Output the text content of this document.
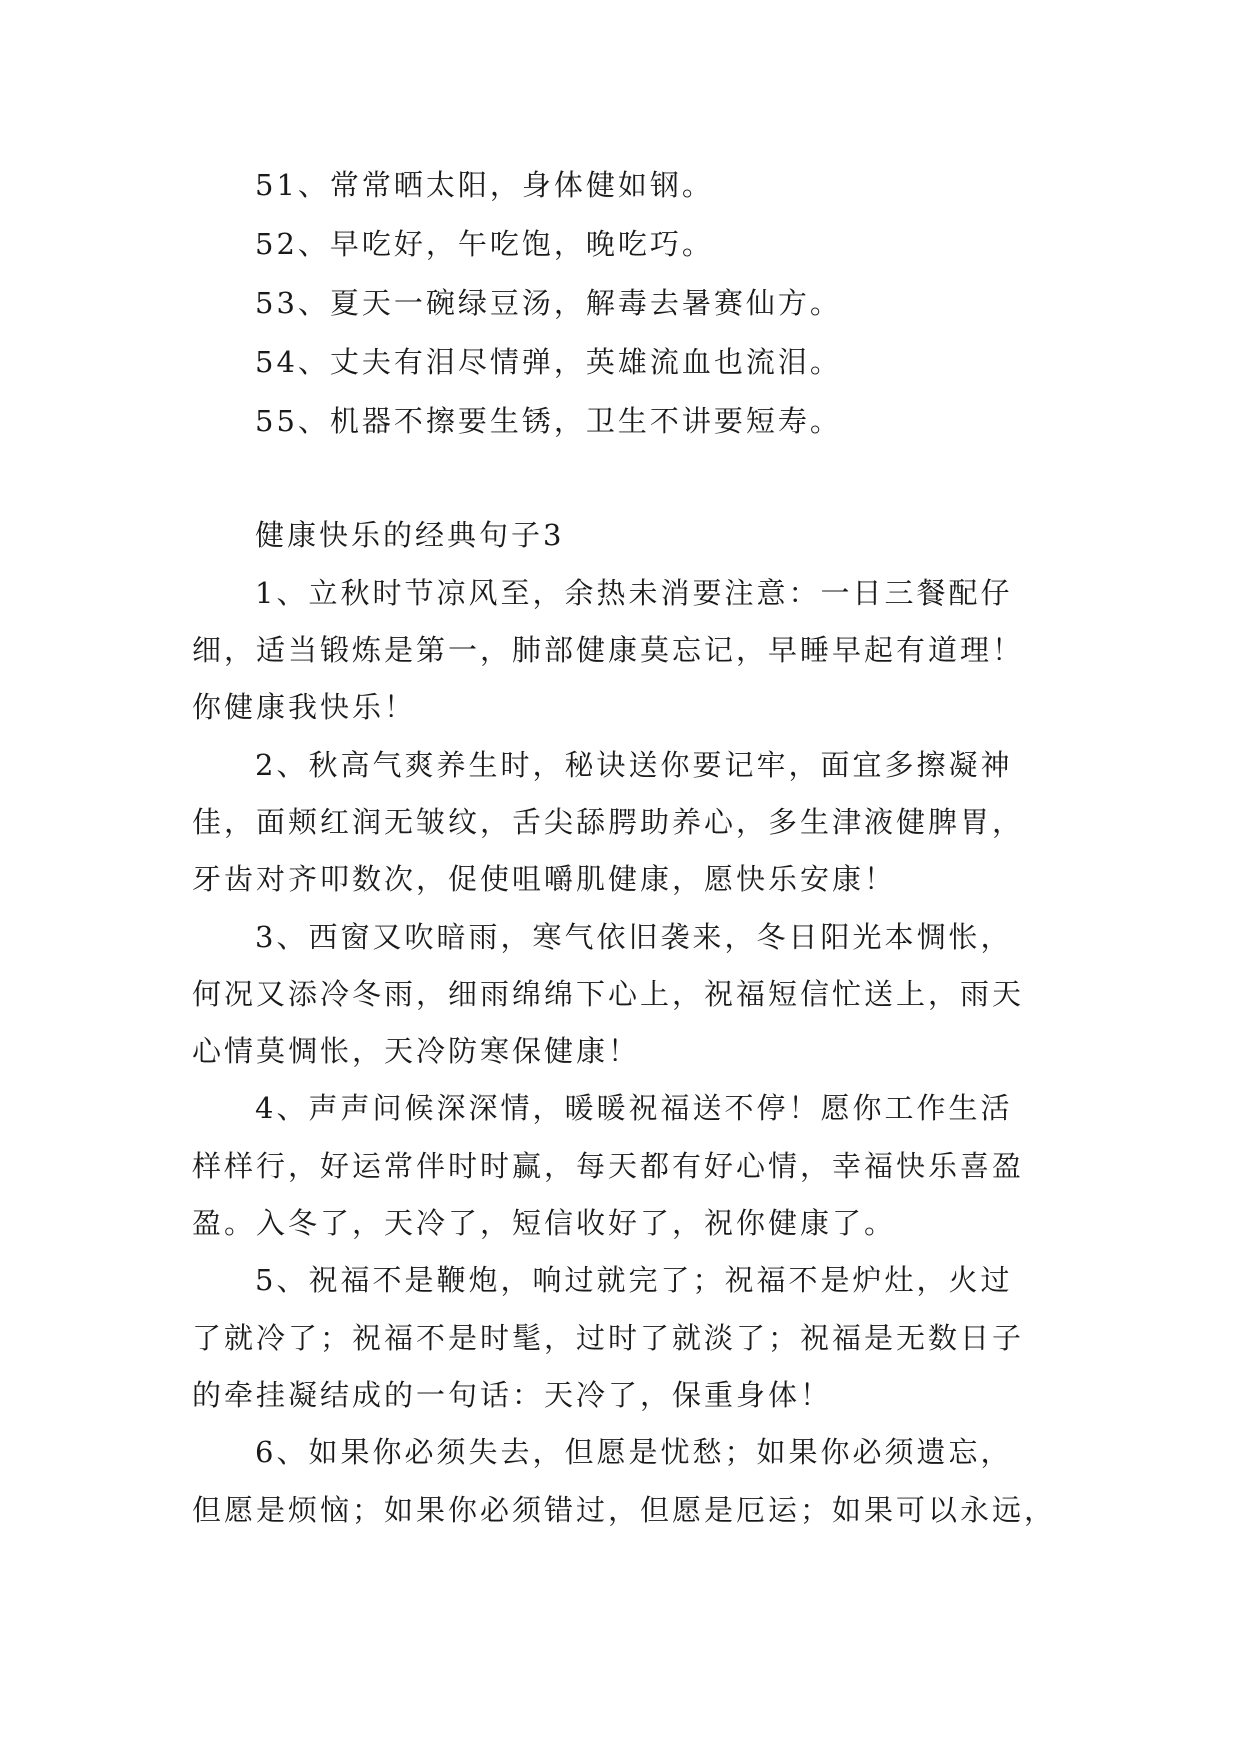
51、常常晒太阳，身体健如钢。
52、早吃好，午吃饱，晚吃巧。
53、夏天一碗绿豆汤，解毒去暑赛仙方。
54、丈夫有泪尽情弹，英雄流血也流泪。
55、机器不擦要生锈，卫生不讲要短寿。
健康快乐的经典句子3
1、立秋时节凉风至，余热未消要注意：一日三餐配仔
细，适当锻炼是第一，肺部健康莫忘记，早睡早起有道理！
你健康我快乐！
2、秋高气爽养生时，秘诀送你要记牢，面宜多擦凝神
佳，面颊红润无皱纹，舌尖舔腭助养心，多生津液健脾胃，
牙齿对齐叩数次，促使咀嚼肌健康，愿快乐安康！
3、西窗又吹暗雨，寒气依旧袭来，冬日阳光本惆怅，
何况又添冷冬雨，细雨绵绵下心上，祝福短信忙送上，雨天
心情莫惆怅，天冷防寒保健康！
4、声声问候深深情，暖暖祝福送不停！愿你工作生活
样样行，好运常伴时时赢，每天都有好心情，幸福快乐喜盈
盈。入冬了，天冷了，短信收好了，祝你健康了。
5、祝福不是鞭炮，响过就完了；祝福不是炉灶，火过
了就冷了；祝福不是时髦，过时了就淡了；祝福是无数日子
的牵挂凝结成的一句话：天冷了，保重身体！
6、如果你必须失去，但愿是忧愁；如果你必须遗忘，
但愿是烦恼；如果你必须错过，但愿是厄运；如果可以永远，
